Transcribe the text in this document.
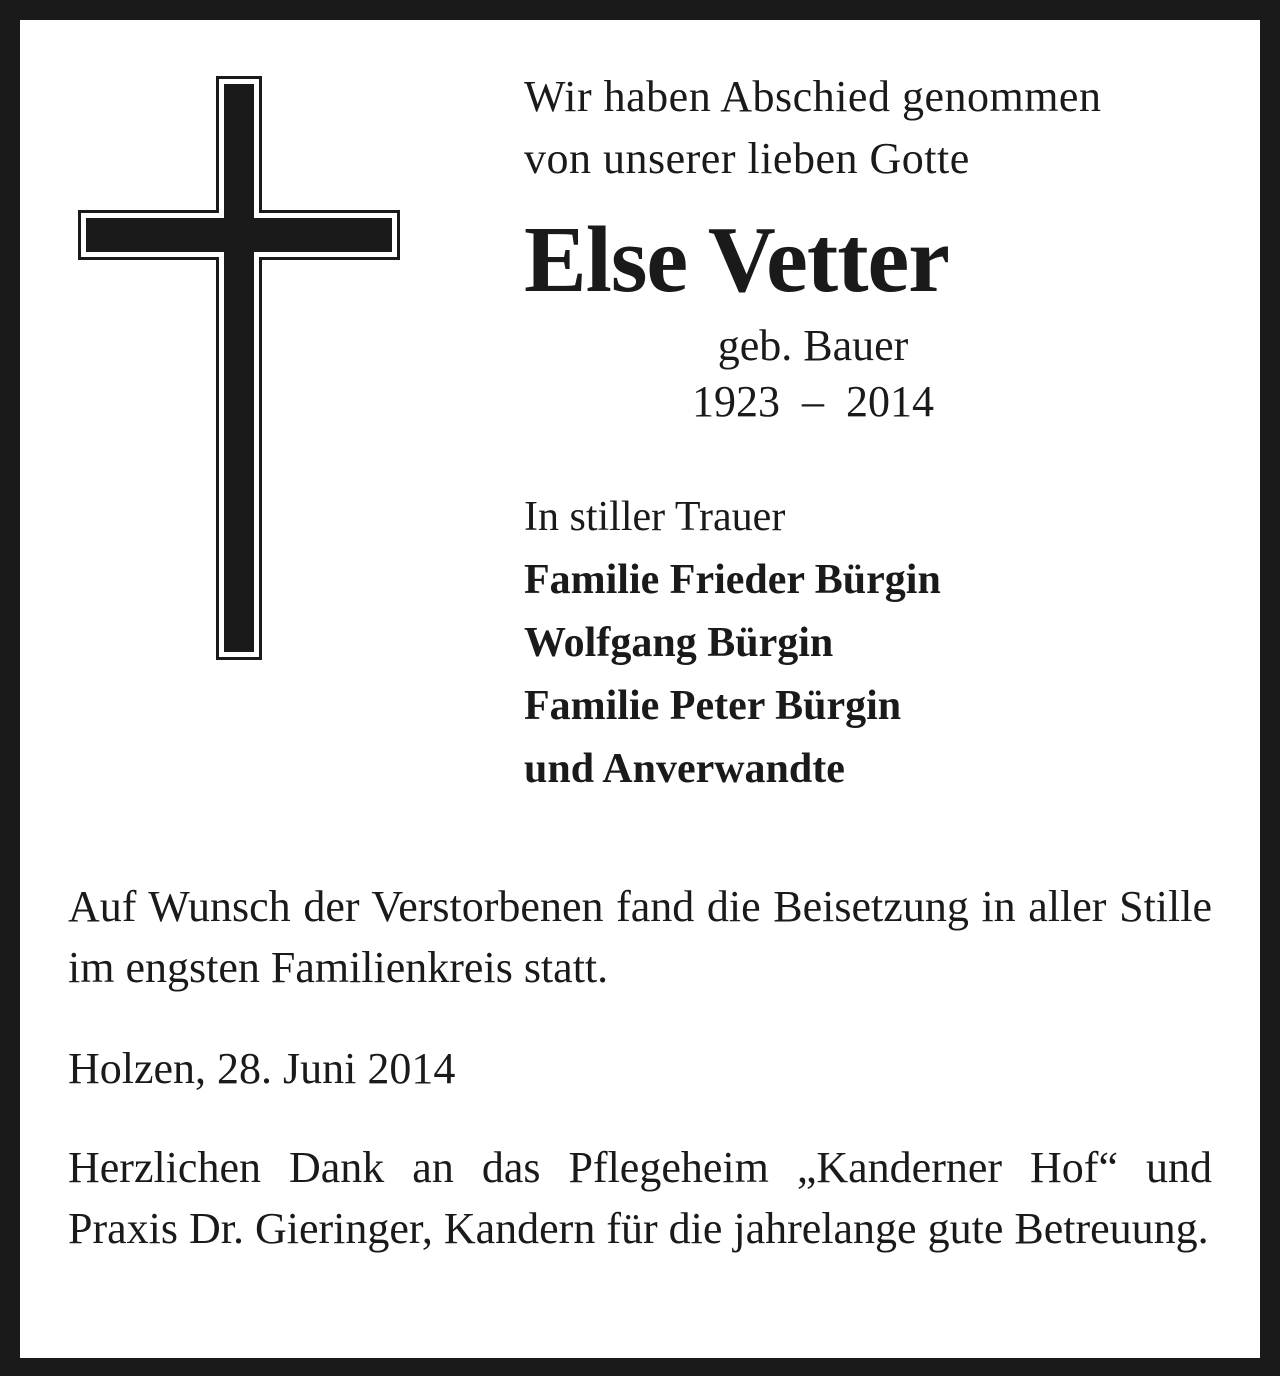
Wir haben Abschied genommen

von unserer lieben Gotte

Else Vetter

geb. Bauer

1923  –  2014

In stiller Trauer

Familie Frieder Bürgin

Wolfgang Bürgin

Familie Peter Bürgin

und Anverwandte

Auf Wunsch der Verstorbenen fand die Beisetzung in aller Stille im engsten Familienkreis statt.

Holzen, 28. Juni 2014

Herzlichen Dank an das Pflegeheim „Kanderner Hof“ und Praxis Dr. Gieringer, Kandern für die jahrelange gute Betreuung.
